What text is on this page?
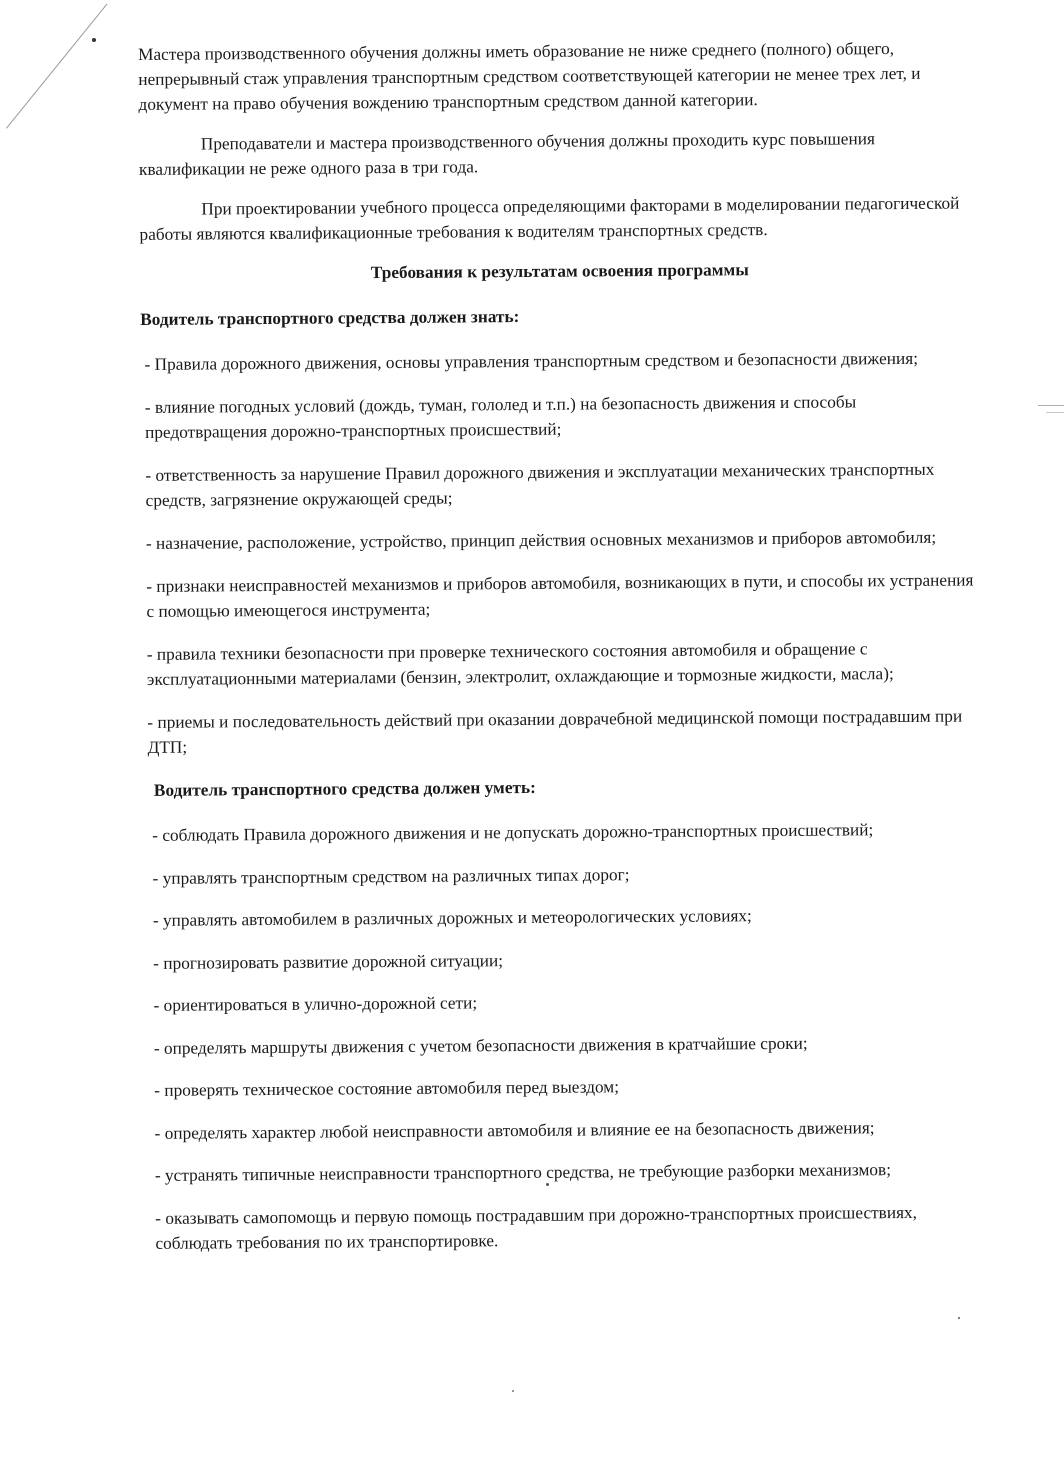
Мастера производственного обучения должны иметь образование не ниже среднего (полного) общего, непрерывный стаж управления транспортным средством соответствующей категории не менее трех лет, и документ на право обучения вождению транспортным средством данной категории.

Преподаватели и мастера производственного обучения должны проходить курс повышения квалификации не реже одного раза в три года.

При проектировании учебного процесса определяющими факторами в моделировании педагогической работы являются квалификационные требования к водителям транспортных средств.

Требования к результатам освоения программы
Водитель транспортного средства должен знать:
- Правила дорожного движения, основы управления транспортным средством и безопасности движения;
- влияние погодных условий (дождь, туман, гололед и т.п.) на безопасность движения и способы предотвращения дорожно-транспортных происшествий;
- ответственность за нарушение Правил дорожного движения и эксплуатации механических транспортных средств, загрязнение окружающей среды;
- назначение, расположение, устройство, принцип действия основных механизмов и приборов автомобиля;
- признаки неисправностей механизмов и приборов автомобиля, возникающих в пути, и способы их устранения с помощью имеющегося инструмента;
- правила техники безопасности при проверке технического состояния автомобиля и обращение с эксплуатационными материалами (бензин, электролит, охлаждающие и тормозные жидкости, масла);
- приемы и последовательность действий при оказании доврачебной медицинской помощи пострадавшим при ДТП;
Водитель транспортного средства должен уметь:
- соблюдать Правила дорожного движения и не допускать дорожно-транспортных происшествий;
- управлять транспортным средством на различных типах дорог;
- управлять автомобилем в различных дорожных и метеорологических условиях;
- прогнозировать развитие дорожной ситуации;
- ориентироваться в улично-дорожной сети;
- определять маршруты движения с учетом безопасности движения в кратчайшие сроки;
- проверять техническое состояние автомобиля перед выездом;
- определять характер любой неисправности автомобиля и влияние ее на безопасность движения;
- устранять типичные неисправности транспортного средства, не требующие разборки механизмов;
- оказывать самопомощь и первую помощь пострадавшим при дорожно-транспортных происшествиях, соблюдать требования по их транспортировке.
